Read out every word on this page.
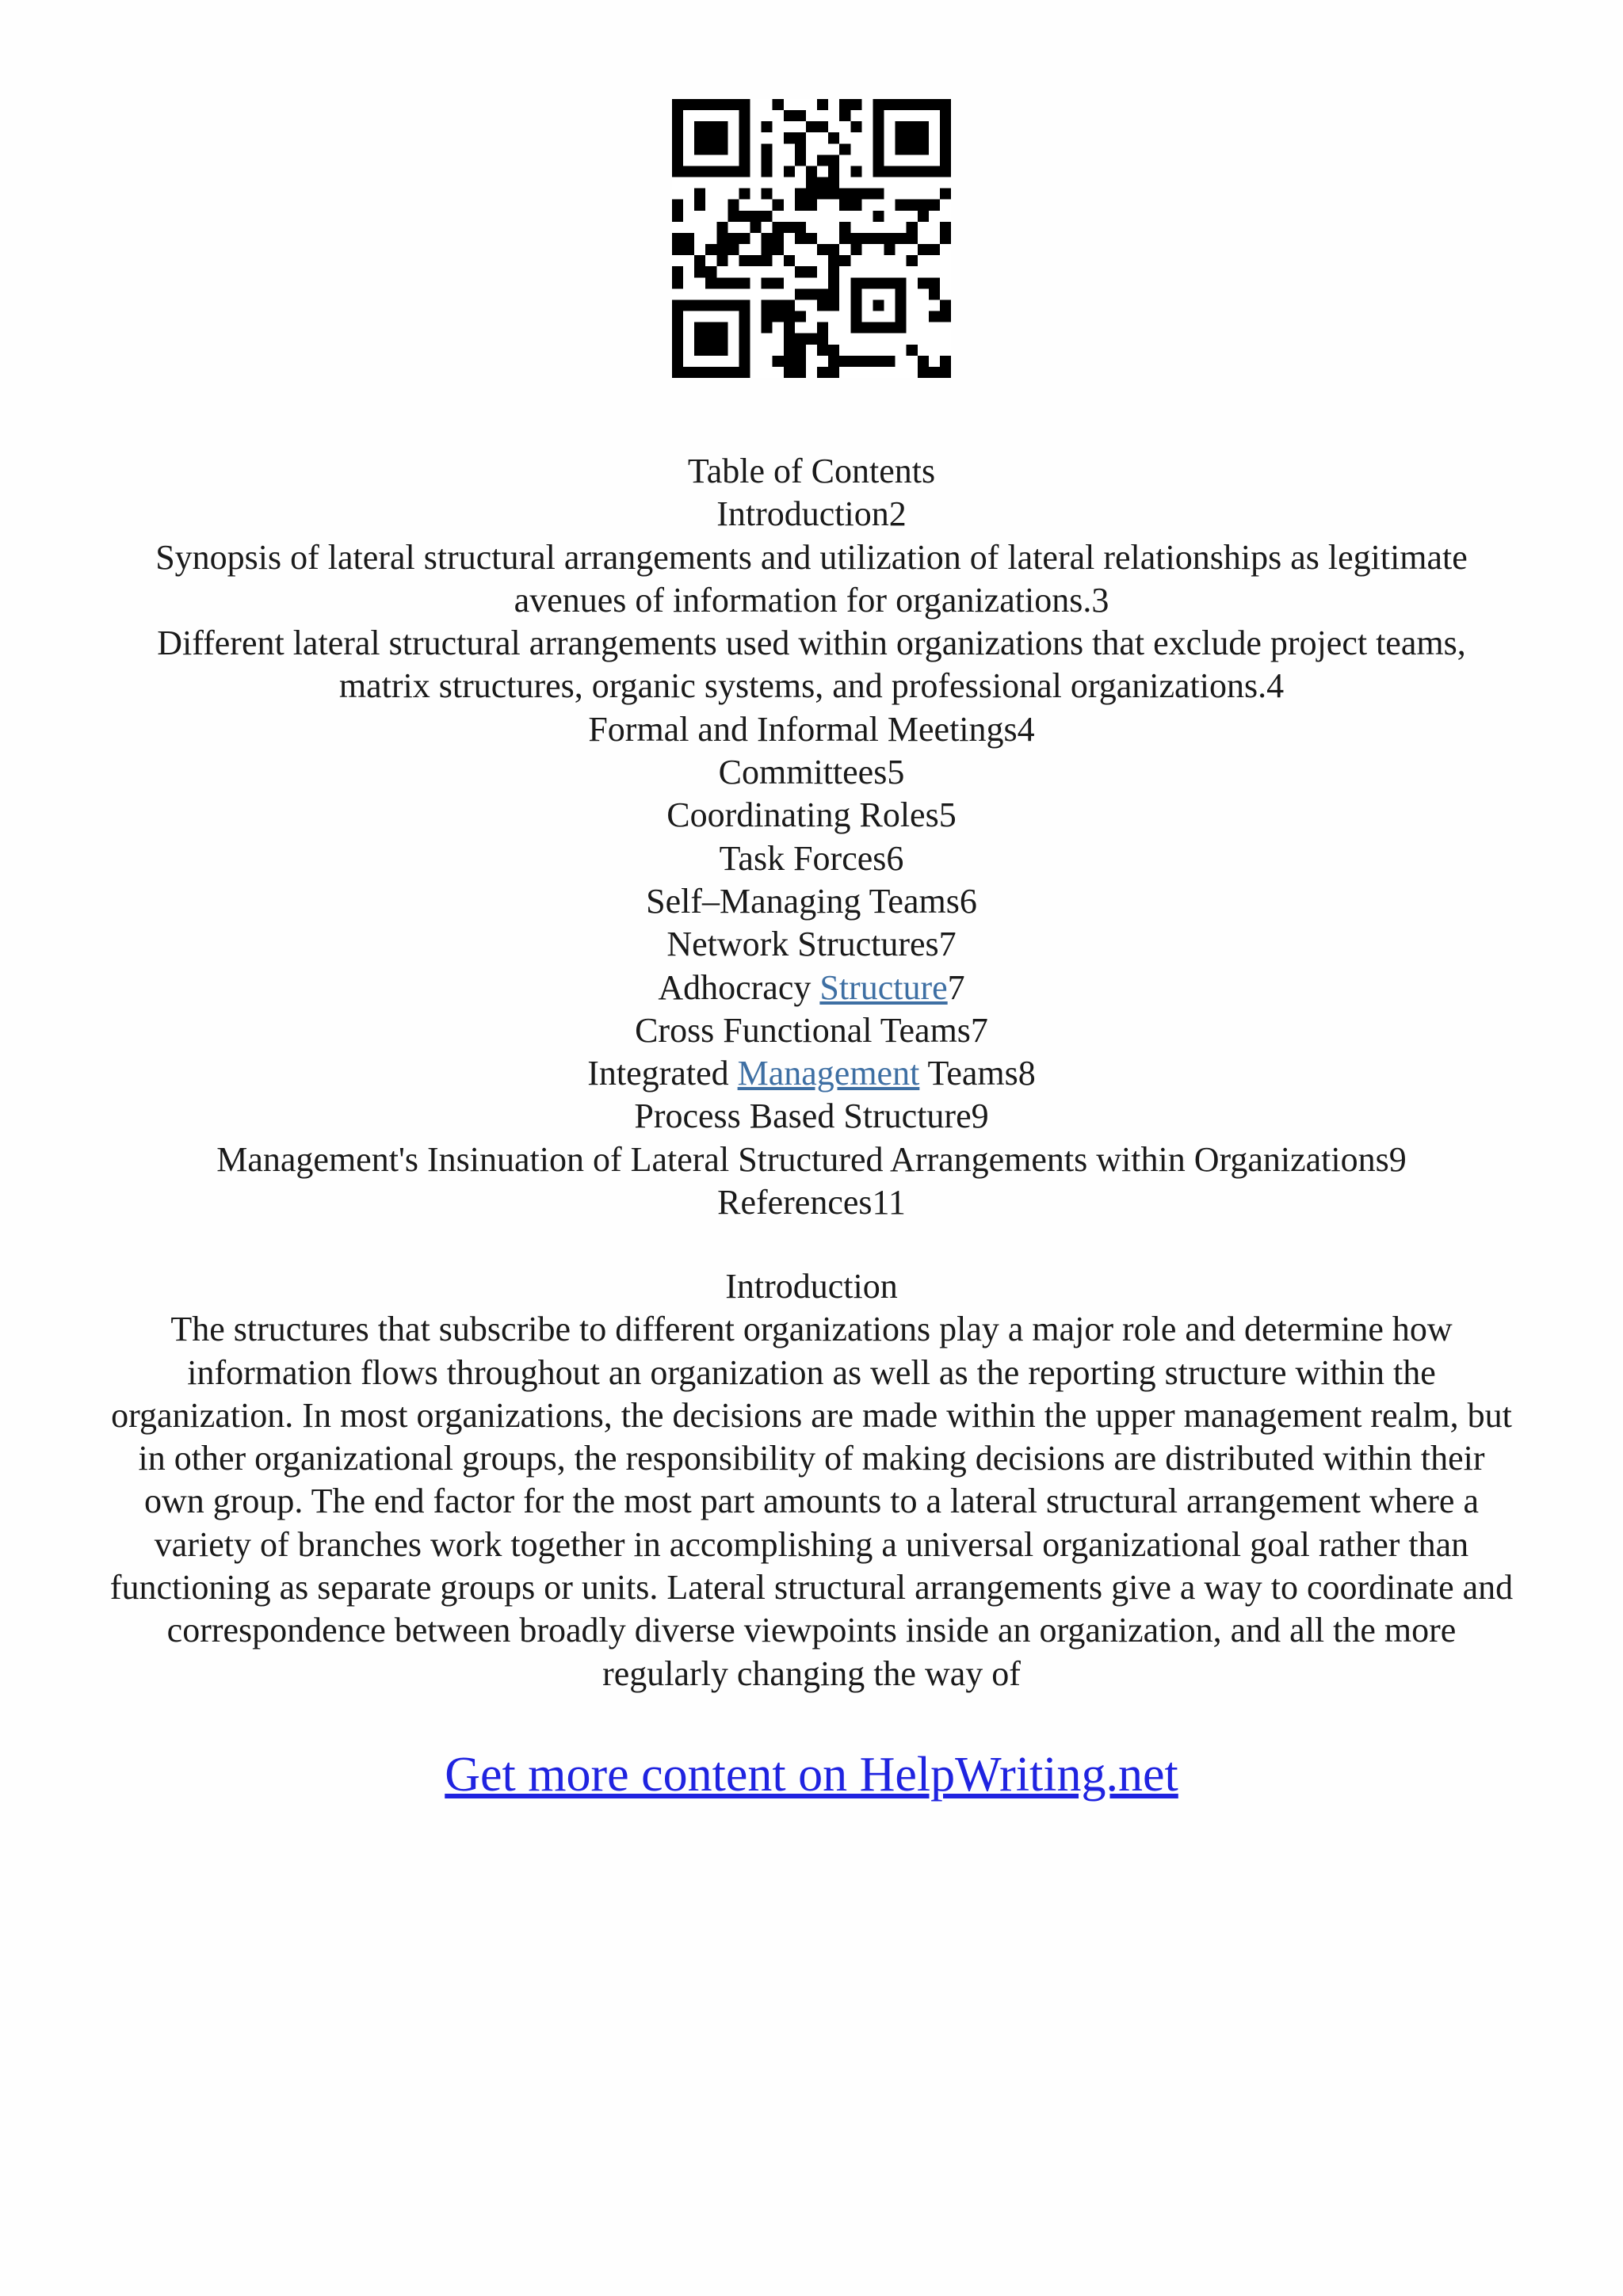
Table of Contents
Introduction2
Synopsis of lateral structural arrangements and utilization of lateral relationships as legitimate
avenues of information for organizations.3
Different lateral structural arrangements used within organizations that exclude project teams,
matrix structures, organic systems, and professional organizations.4
Formal and Informal Meetings4
Committees5
Coordinating Roles5
Task Forces6
Self–Managing Teams6
Network Structures7
Adhocracy Structure7
Cross Functional Teams7
Integrated Management Teams8
Process Based Structure9
Management's Insinuation of Lateral Structured Arrangements within Organizations9
References11
Introduction
The structures that subscribe to different organizations play a major role and determine how
information flows throughout an organization as well as the reporting structure within the
organization. In most organizations, the decisions are made within the upper management realm, but
in other organizational groups, the responsibility of making decisions are distributed within their
own group. The end factor for the most part amounts to a lateral structural arrangement where a
variety of branches work together in accomplishing a universal organizational goal rather than
functioning as separate groups or units. Lateral structural arrangements give a way to coordinate and
correspondence between broadly diverse viewpoints inside an organization, and all the more
regularly changing the way of
Get more content on HelpWriting.net
